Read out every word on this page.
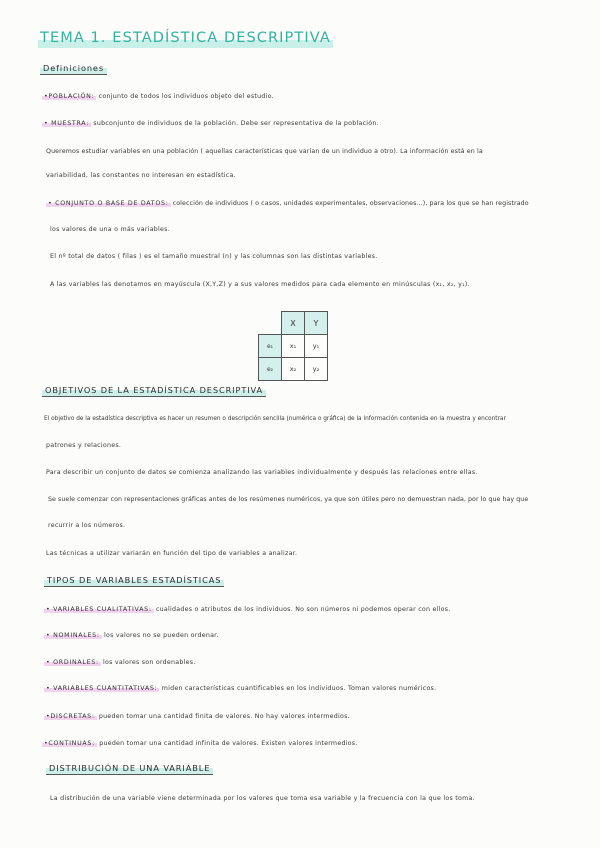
TEMA 1. ESTADÍSTICA DESCRIPTIVA
Definiciones
•POBLACIÓN: conjunto de todos los individuos objeto del estudio.
• MUESTRA: subconjunto de individuos de la población. Debe ser representativa de la población.
Queremos estudiar variables en una población ( aquellas características que varían de un individuo a otro). La información está en la
variabilidad, las constantes no interesan en estadística.
• CONJUNTO O BASE DE DATOS: colección de individuos ( o casos, unidades experimentales, observaciones...), para los que se han registrado
los valores de una o más variables.
El nº total de datos ( filas ) es el tamaño muestral (n) y las columnas son las distintas variables.
A las variables las denotamos en mayúscula (X,Y,Z) y a sus valores medidos para cada elemento en minúsculas (x₁, x₂, y₁).
	X	Y
e₁	x₁	y₁
e₂	x₂	y₂
OBJETIVOS DE LA ESTADÍSTICA DESCRIPTIVA
El objetivo de la estadística descriptiva es hacer un resumen o descripción sencilla (numérica o gráfica) de la información contenida en la muestra y encontrar
patrones y relaciones.
Para describir un conjunto de datos se comienza analizando las variables individualmente y después las relaciones entre ellas.
Se suele comenzar con representaciones gráficas antes de los resúmenes numéricos, ya que son útiles pero no demuestran nada, por lo que hay que
recurrir a los números.
Las técnicas a utilizar variarán en función del tipo de variables a analizar.
TIPOS DE VARIABLES ESTADÍSTICAS
• VARIABLES CUALITATIVAS: cualidades o atributos de los individuos. No son números ni podemos operar con ellos.
• NOMINALES: los valores no se pueden ordenar.
• ORDINALES: los valores son ordenables.
• VARIABLES CUANTITATIVAS: miden características cuantificables en los individuos. Toman valores numéricos.
•DISCRETAS: pueden tomar una cantidad finita de valores. No hay valores intermedios.
•CONTINUAS: pueden tomar una cantidad infinita de valores. Existen valores intermedios.
DISTRIBUCIÓN DE UNA VARIABLE
La distribución de una variable viene determinada por los valores que toma esa variable y la frecuencia con la que los toma.
